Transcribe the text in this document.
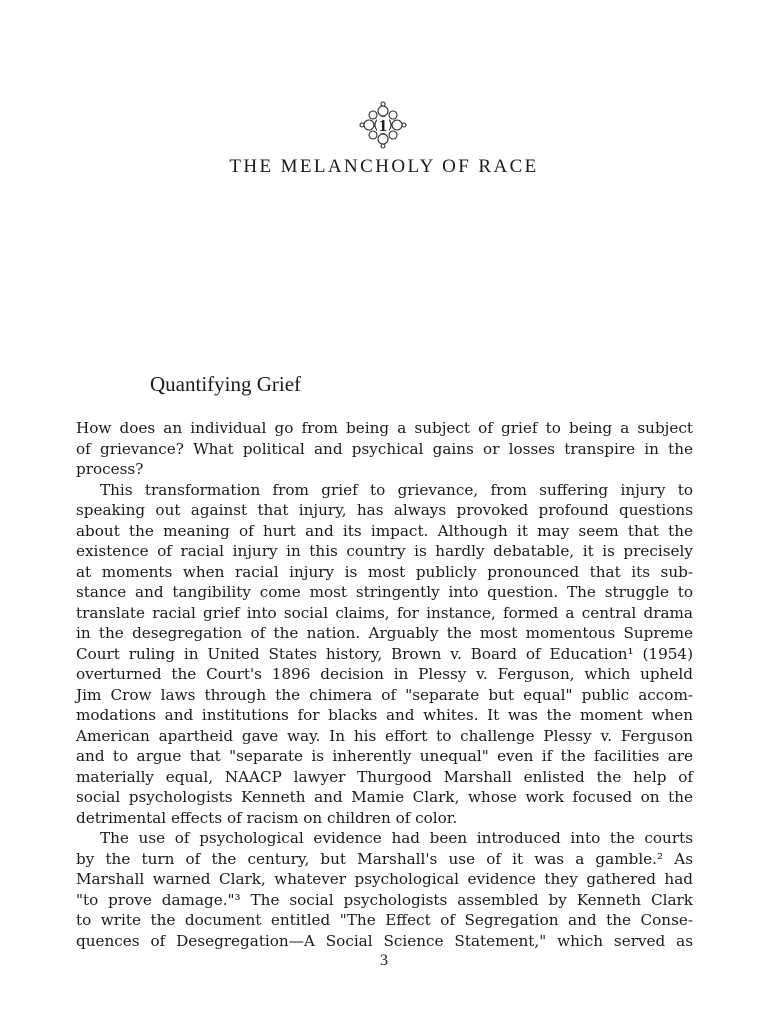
1
THE MELANCHOLY OF RACE
Quantifying Grief
How does an individual go from being a subject of grief to being a subject
of grievance? What political and psychical gains or losses transpire in the
process?
This transformation from grief to grievance, from suffering injury to
speaking out against that injury, has always provoked profound questions
about the meaning of hurt and its impact. Although it may seem that the
existence of racial injury in this country is hardly debatable, it is precisely
at moments when racial injury is most publicly pronounced that its sub-
stance and tangibility come most stringently into question. The struggle to
translate racial grief into social claims, for instance, formed a central drama
in the desegregation of the nation. Arguably the most momentous Supreme
Court ruling in United States history, Brown v. Board of Education¹ (1954)
overturned the Court's 1896 decision in Plessy v. Ferguson, which upheld
Jim Crow laws through the chimera of "separate but equal" public accom-
modations and institutions for blacks and whites. It was the moment when
American apartheid gave way. In his effort to challenge Plessy v. Ferguson
and to argue that "separate is inherently unequal" even if the facilities are
materially equal, NAACP lawyer Thurgood Marshall enlisted the help of
social psychologists Kenneth and Mamie Clark, whose work focused on the
detrimental effects of racism on children of color.
The use of psychological evidence had been introduced into the courts
by the turn of the century, but Marshall's use of it was a gamble.² As
Marshall warned Clark, whatever psychological evidence they gathered had
"to prove damage."³ The social psychologists assembled by Kenneth Clark
to write the document entitled "The Effect of Segregation and the Conse-
quences of Desegregation—A Social Science Statement," which served as
3
